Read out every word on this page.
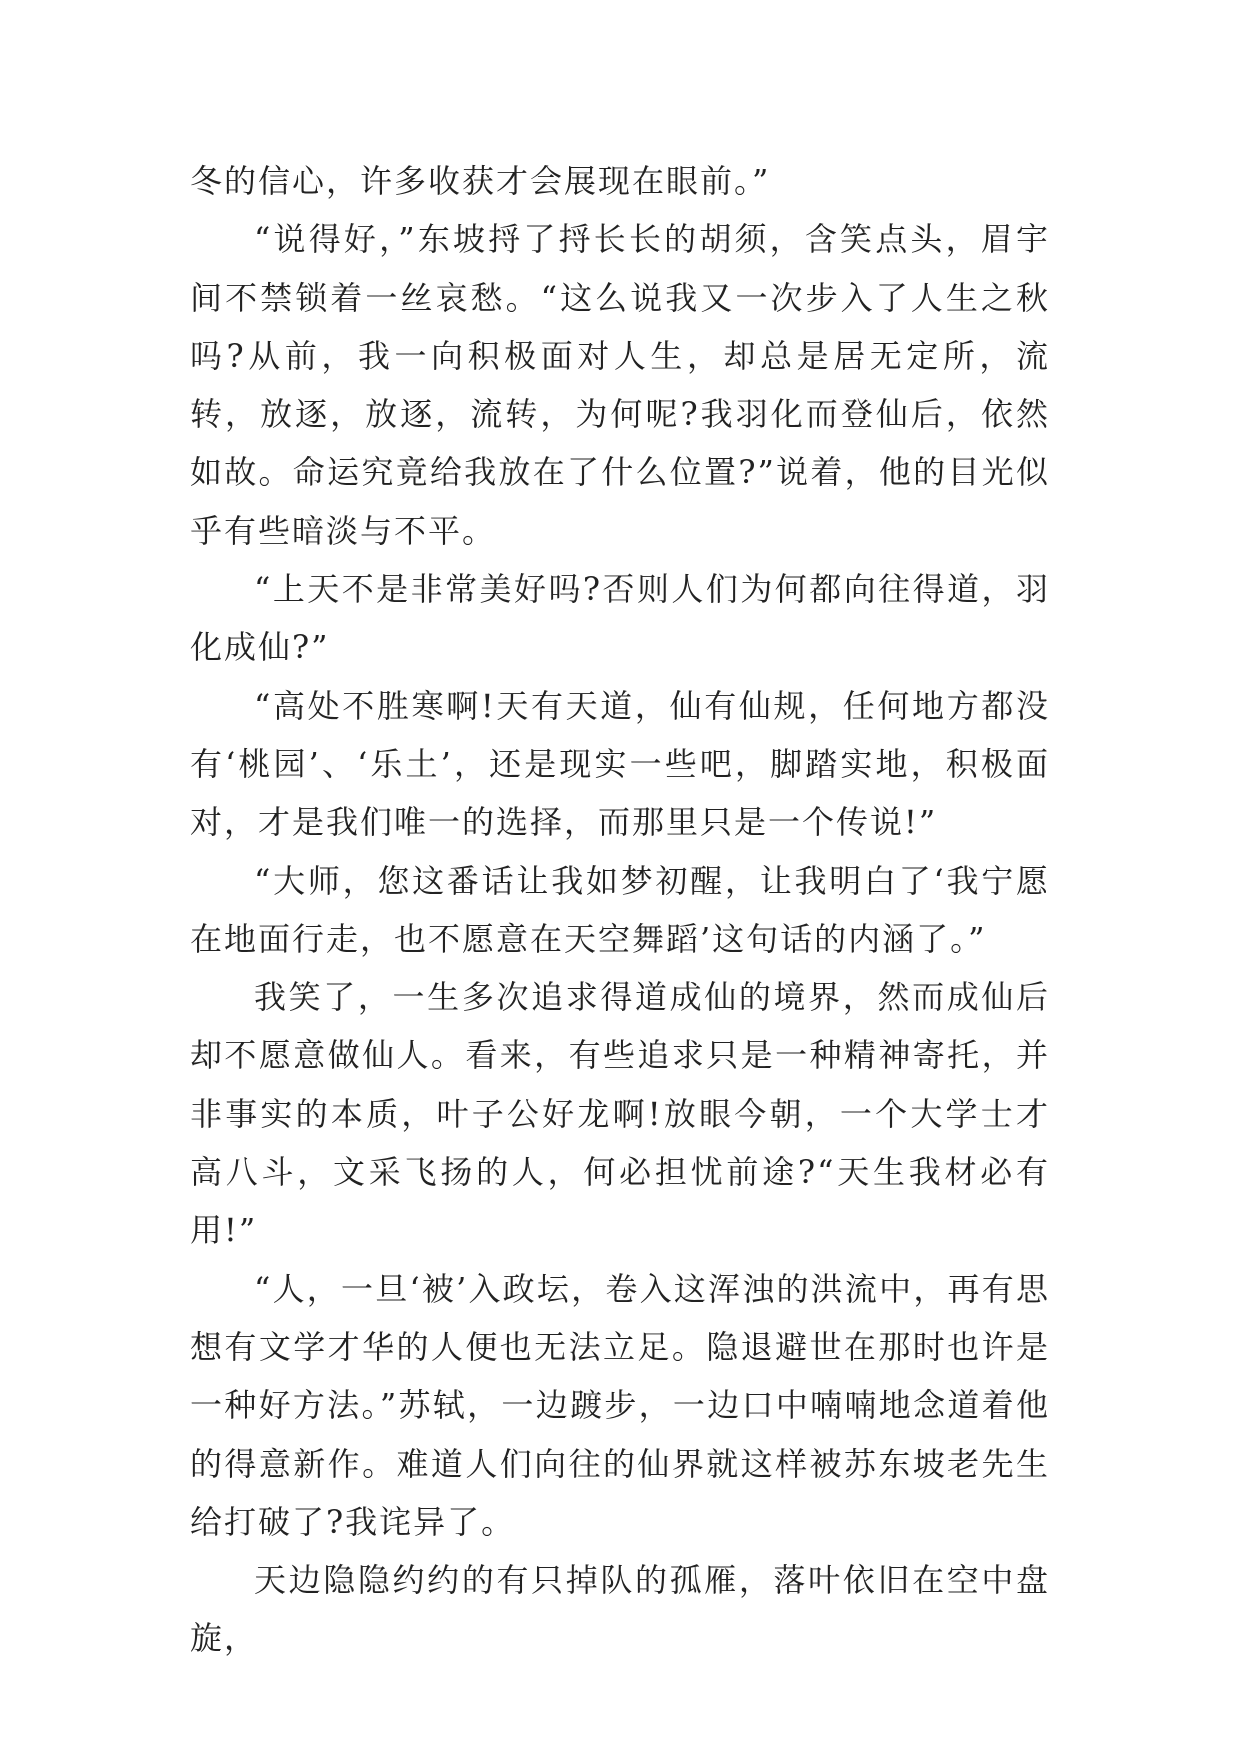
冬的信心，许多收获才会展现在眼前。”

“说得好，”东坡捋了捋长长的胡须，含笑点头，眉宇间不禁锁着一丝哀愁。“这么说我又一次步入了人生之秋吗?从前，我一向积极面对人生，却总是居无定所，流转，放逐，放逐，流转，为何呢?我羽化而登仙后，依然如故。命运究竟给我放在了什么位置?”说着，他的目光似乎有些暗淡与不平。

“上天不是非常美好吗?否则人们为何都向往得道，羽化成仙?”

“高处不胜寒啊!天有天道，仙有仙规，任何地方都没有‘桃园’、‘乐土’，还是现实一些吧，脚踏实地，积极面对，才是我们唯一的选择，而那里只是一个传说!”

“大师，您这番话让我如梦初醒，让我明白了‘我宁愿在地面行走，也不愿意在天空舞蹈’这句话的内涵了。”

我笑了，一生多次追求得道成仙的境界，然而成仙后却不愿意做仙人。看来，有些追求只是一种精神寄托，并非事实的本质，叶子公好龙啊!放眼今朝，一个大学士才高八斗，文采飞扬的人，何必担忧前途?“天生我材必有用!”

“人，一旦‘被’入政坛，卷入这浑浊的洪流中，再有思想有文学才华的人便也无法立足。隐退避世在那时也许是一种好方法。”苏轼，一边踱步，一边口中喃喃地念道着他的得意新作。难道人们向往的仙界就这样被苏东坡老先生给打破了?我诧异了。

天边隐隐约约的有只掉队的孤雁，落叶依旧在空中盘旋，
